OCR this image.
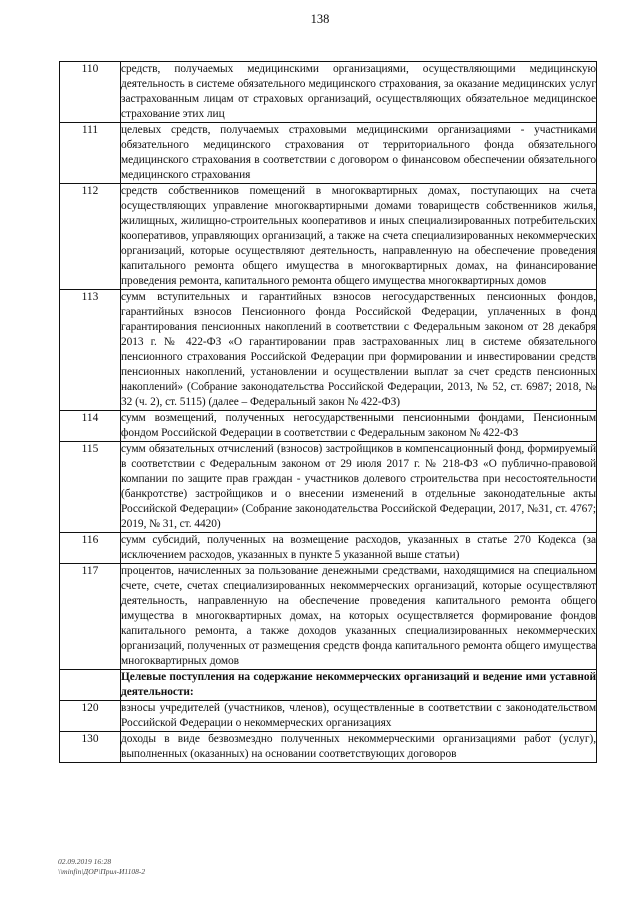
138
110	средств, получаемых медицинскими организациями, осуществляющими медицинскую деятельность в системе обязательного медицинского страхования, за оказание медицинских услуг застрахованным лицам от страховых организаций, осуществляющих обязательное медицинское страхование этих лиц
111	целевых средств, получаемых страховыми медицинскими организациями - участниками обязательного медицинского страхования от территориального фонда обязательного медицинского страхования в соответствии с договором о финансовом обеспечении обязательного медицинского страхования
112	средств собственников помещений в многоквартирных домах, поступающих на счета осуществляющих управление многоквартирными домами товариществ собственников жилья, жилищных, жилищно-строительных кооперативов и иных специализированных потребительских кооперативов, управляющих организаций, а также на счета специализированных некоммерческих организаций, которые осуществляют деятельность, направленную на обеспечение проведения капитального ремонта общего имущества в многоквартирных домах, на финансирование проведения ремонта, капитального ремонта общего имущества многоквартирных домов
113	сумм вступительных и гарантийных взносов негосударственных пенсионных фондов, гарантийных взносов Пенсионного фонда Российской Федерации, уплаченных в фонд гарантирования пенсионных накоплений в соответствии с Федеральным законом от 28 декабря 2013 г. № 422-ФЗ «О гарантировании прав застрахованных лиц в системе обязательного пенсионного страхования Российской Федерации при формировании и инвестировании средств пенсионных накоплений, установлении и осуществлении выплат за счет средств пенсионных накоплений» (Собрание законодательства Российской Федерации, 2013, № 52, ст. 6987; 2018, № 32 (ч. 2), ст. 5115) (далее – Федеральный закон № 422-ФЗ)
114	сумм возмещений, полученных негосударственными пенсионными фондами, Пенсионным фондом Российской Федерации в соответствии с Федеральным законом № 422-ФЗ
115	сумм обязательных отчислений (взносов) застройщиков в компенсационный фонд, формируемый в соответствии с Федеральным законом от 29 июля 2017 г. № 218-ФЗ «О публично-правовой компании по защите прав граждан - участников долевого строительства при несостоятельности (банкротстве) застройщиков и о внесении изменений в отдельные законодательные акты Российской Федерации» (Собрание законодательства Российской Федерации, 2017, №31, ст. 4767; 2019, № 31, ст. 4420)
116	сумм субсидий, полученных на возмещение расходов, указанных в статье 270 Кодекса (за исключением расходов, указанных в пункте 5 указанной выше статьи)
117	процентов, начисленных за пользование денежными средствами, находящимися на специальном счете, счете, счетах специализированных некоммерческих организаций, которые осуществляют деятельность, направленную на обеспечение проведения капитального ремонта общего имущества в многоквартирных домах, на которых осуществляется формирование фондов капитального ремонта, а также доходов указанных специализированных некоммерческих организаций, полученных от размещения средств фонда капитального ремонта общего имущества многоквартирных домов
	Целевые поступления на содержание некоммерческих организаций и ведение ими уставной деятельности:
120	взносы учредителей (участников, членов), осуществленные в соответствии с законодательством Российской Федерации о некоммерческих организациях
130	доходы в виде безвозмездно полученных некоммерческими организациями работ (услуг), выполненных (оказанных) на основании соответствующих договоров
02.09.2019 16:28
\\minfin\ДОР\Прил-И1108-2
